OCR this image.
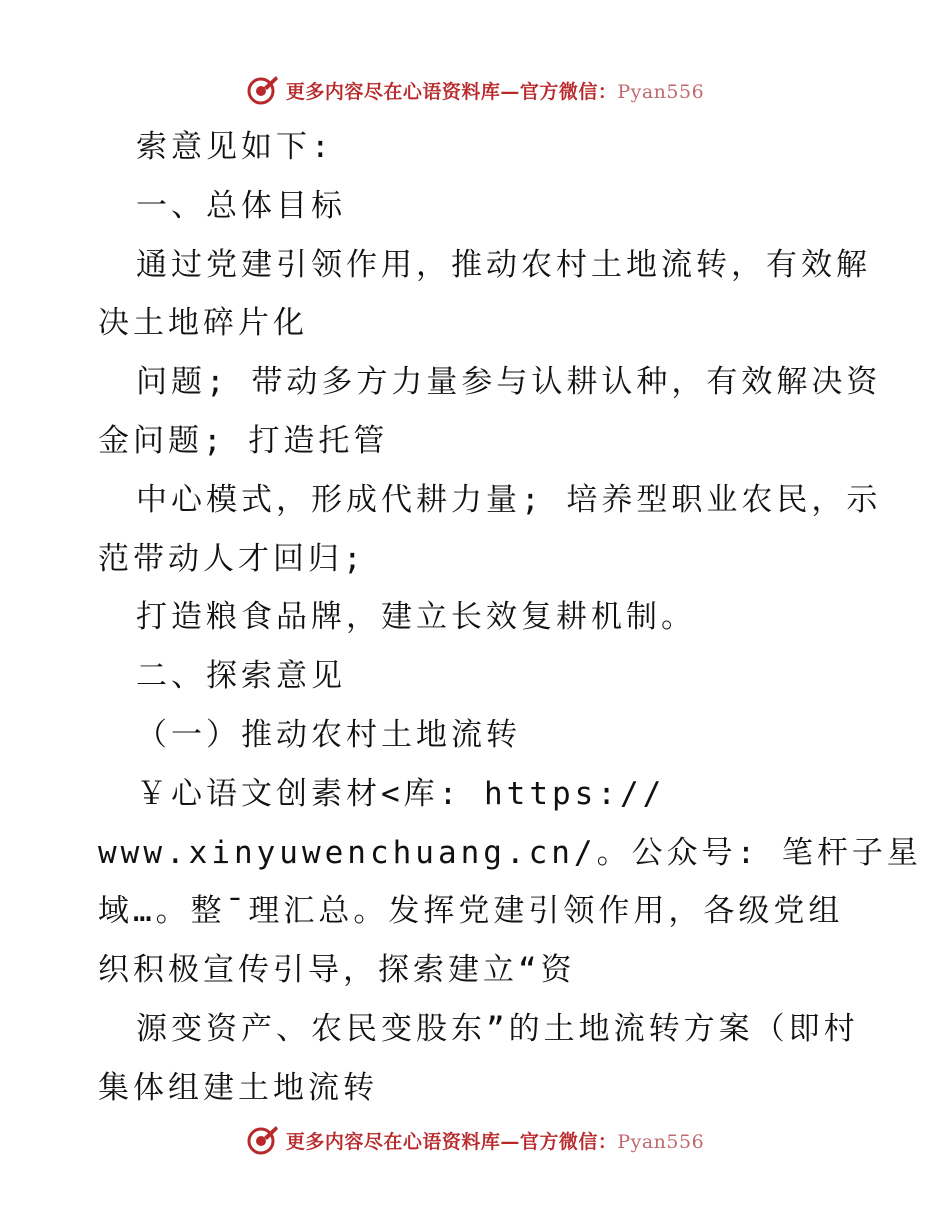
更多内容尽在心语资料库—官方微信：Pyan556
索意见如下:
一、总体目标
通过党建引领作用，推动农村土地流转，有效解
决土地碎片化
问题; 带动多方力量参与认耕认种，有效解决资
金问题; 打造托管
中心模式，形成代耕力量; 培养型职业农民，示
范带动人才回归;
打造粮食品牌，建立长效复耕机制。
二、探索意见
（一）推动农村土地流转
￥心语文创素材<库: https://
www.xinyuwenchuang.cn/。公众号: 笔杆子星
域…。整¯理汇总。发挥党建引领作用，各级党组
织积极宣传引导，探索建立“资
源变资产、农民变股东”的土地流转方案（即村
集体组建土地流转
更多内容尽在心语资料库—官方微信：Pyan556
